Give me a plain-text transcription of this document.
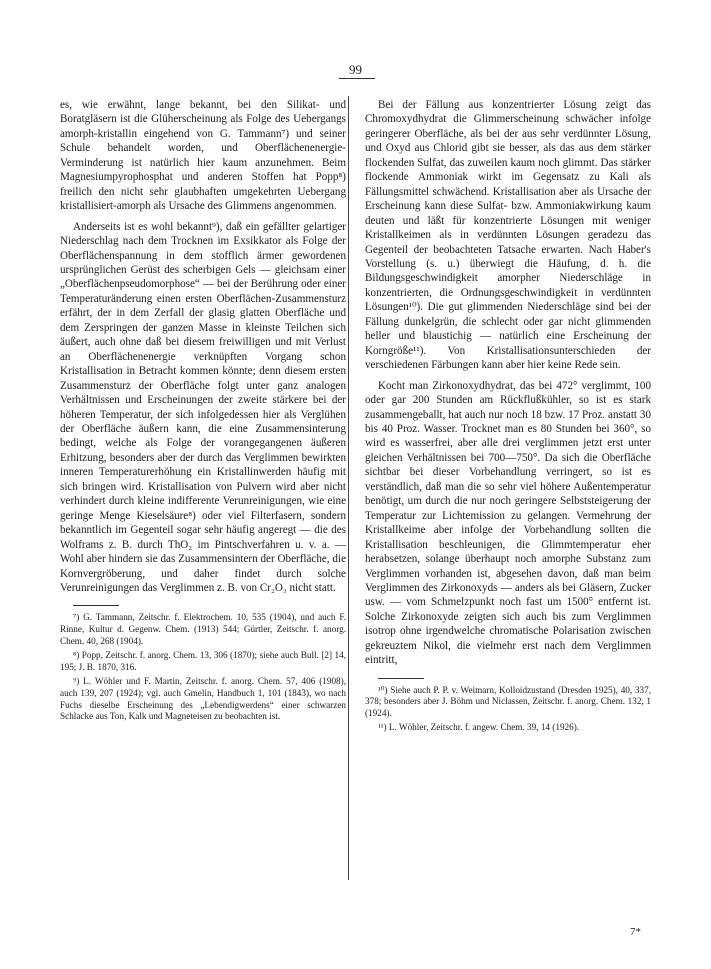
99

es, wie erwähnt, lange bekannt, bei den Silikat- und Boratgläsern ist die Glüherscheinung als Folge des Uebergangs amorph-kristallin eingehend von G. Tammann⁷) und seiner Schule behandelt worden, und Oberflächenenergie-Verminderung ist natürlich hier kaum anzunehmen. Beim Magnesiumpyrophosphat und anderen Stoffen hat Popp⁸) freilich den nicht sehr glaubhaften umgekehrten Uebergang kristallisiert-amorph als Ursache des Glimmens angenommen.

Anderseits ist es wohl bekannt⁹), daß ein gefällter gelartiger Niederschlag nach dem Trocknen im Exsikkator als Folge der Oberflächenspannung in dem stofflich ärmer gewordenen ursprünglichen Gerüst des scherbigen Gels — gleichsam einer „Oberflächenpseudomorphose“ — bei der Berührung oder einer Temperaturänderung einen ersten Oberflächen-Zusammensturz erfährt, der in dem Zerfall der glasig glatten Oberfläche und dem Zerspringen der ganzen Masse in kleinste Teilchen sich äußert, auch ohne daß bei diesem freiwilligen und mit Verlust an Oberflächenenergie verknüpften Vorgang schon Kristallisation in Betracht kommen könnte; denn diesem ersten Zusammensturz der Oberfläche folgt unter ganz analogen Verhältnissen und Erscheinungen der zweite stärkere bei der höheren Temperatur, der sich infolgedessen hier als Verglühen der Oberfläche äußern kann, die eine Zusammensinterung bedingt, welche als Folge der vorangegangenen äußeren Erhitzung, besonders aber der durch das Verglimmen bewirkten inneren Temperaturerhöhung ein Kristallinwerden häufig mit sich bringen wird. Kristallisation von Pulvern wird aber nicht verhindert durch kleine indifferente Verunreinigungen, wie eine geringe Menge Kieselsäure⁸) oder viel Filterfasern, sondern bekanntlich im Gegenteil sogar sehr häufig angeregt — die des Wolframs z. B. durch ThO₂ im Pintschverfahren u. v. a. — Wohl aber hindern sie das Zusammensintern der Oberfläche, die Kornvergröberung, und daher findet durch solche Verunreinigungen das Verglimmen z. B. von Cr₂O₃ nicht statt.

⁷) G. Tammann, Zeitschr. f. Elektrochem. 10, 535 (1904), und auch F. Rinne, Kultur d. Gegenw. Chem. (1913) 544; Gürtler, Zeitschr. f. anorg. Chem. 40, 268 (1904).

⁸) Popp, Zeitschr. f. anorg. Chem. 13, 306 (1870); siehe auch Bull. [2] 14, 195; J. B. 1870, 316.

⁹) L. Wöhler und F. Martin, Zeitschr. f. anorg. Chem. 57, 406 (1908), auch 139, 207 (1924); vgl. auch Gmelin, Handbuch 1, 101 (1843), wo nach Fuchs dieselbe Erscheinung des „Lebendigwerdens“ einer schwarzen Schlacke aus Ton, Kalk und Magneteisen zu beobachten ist.

Bei der Fällung aus konzentrierter Lösung zeigt das Chromoxydhydrat die Glimmerscheinung schwächer infolge geringerer Oberfläche, als bei der aus sehr verdünnter Lösung, und Oxyd aus Chlorid gibt sie besser, als das aus dem stärker flockenden Sulfat, das zuweilen kaum noch glimmt. Das stärker flockende Ammoniak wirkt im Gegensatz zu Kali als Fällungsmittel schwächend. Kristallisation aber als Ursache der Erscheinung kann diese Sulfat- bzw. Ammoniakwirkung kaum deuten und läßt für konzentrierte Lösungen mit weniger Kristallkeimen als in verdünnten Lösungen geradezu das Gegenteil der beobachteten Tatsache erwarten. Nach Haber's Vorstellung (s. u.) überwiegt die Häufung, d. h. die Bildungsgeschwindigkeit amorpher Niederschläge in konzentrierten, die Ordnungsgeschwindigkeit in verdünnten Lösungen¹⁰). Die gut glimmenden Niederschläge sind bei der Fällung dunkelgrün, die schlecht oder gar nicht glimmenden heller und blaustichig — natürlich eine Erscheinung der Korngröße¹¹). Von Kristallisationsunterschieden der verschiedenen Färbungen kann aber hier keine Rede sein.

Kocht man Zirkonoxydhydrat, das bei 472° verglimmt, 100 oder gar 200 Stunden am Rückflußkühler, so ist es stark zusammengeballt, hat auch nur noch 18 bzw. 17 Proz. anstatt 30 bis 40 Proz. Wasser. Trocknet man es 80 Stunden bei 360°, so wird es wasserfrei, aber alle drei verglimmen jetzt erst unter gleichen Verhältnissen bei 700—750°. Da sich die Oberfläche sichtbar bei dieser Vorbehandlung verringert, so ist es verständlich, daß man die so sehr viel höhere Außentemperatur benötigt, um durch die nur noch geringere Selbststeigerung der Temperatur zur Lichtemission zu gelangen. Vermehrung der Kristallkeime aber infolge der Vorbehandlung sollten die Kristallisation beschleunigen, die Glimmtemperatur eher herabsetzen, solange überhaupt noch amorphe Substanz zum Verglimmen vorhanden ist, abgesehen davon, daß man beim Verglimmen des Zirkonoxyds — anders als bei Gläsern, Zucker usw. — vom Schmelzpunkt noch fast um 1500° entfernt ist. Solche Zirkonoxyde zeigten sich auch bis zum Verglimmen isotrop ohne irgendwelche chromatische Polarisation zwischen gekreuztem Nikol, die vielmehr erst nach dem Verglimmen eintritt,

¹⁰) Siehe auch P. P. v. Weimarn, Kolloidzustand (Dresden 1925), 40, 337, 378; besonders aber J. Böhm und Niclassen, Zeitschr. f. anorg. Chem. 132, 1 (1924).

¹¹) L. Wöhler, Zeitschr. f. angew. Chem. 39, 14 (1926).

7*
